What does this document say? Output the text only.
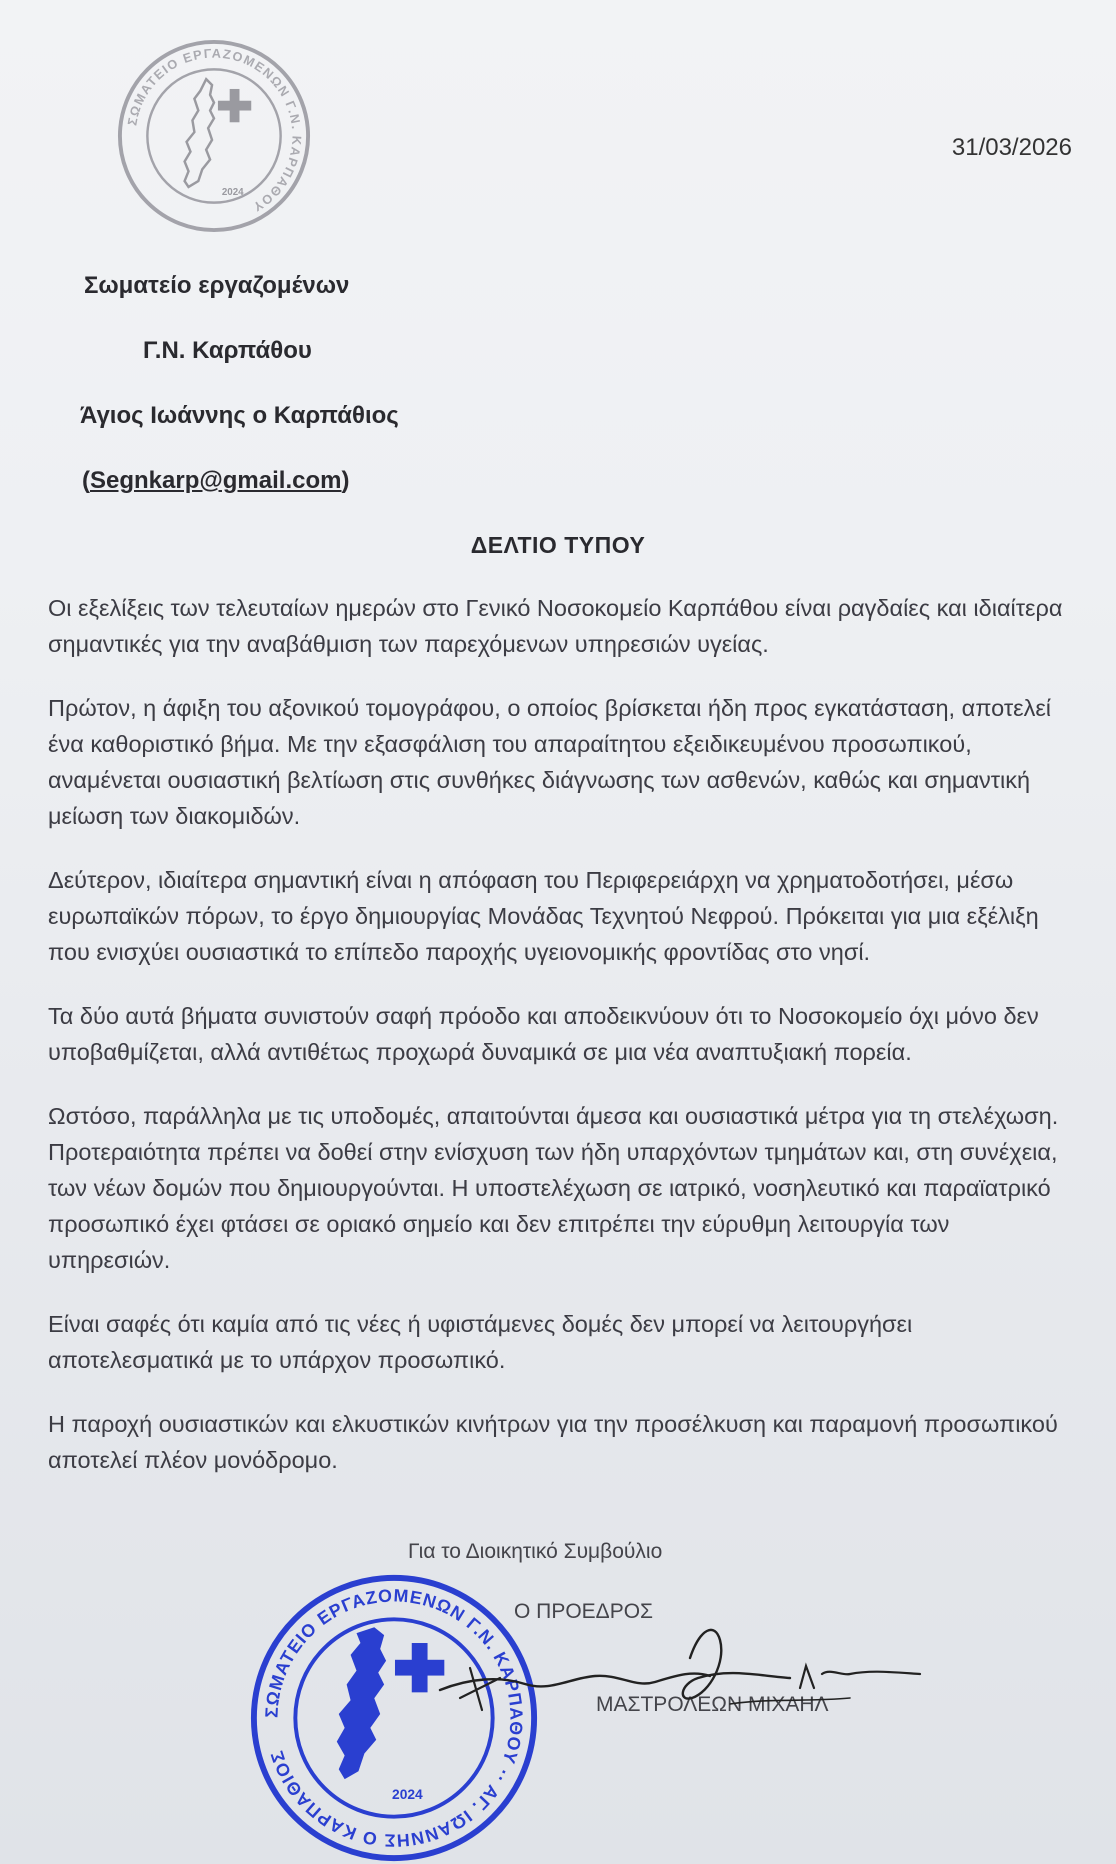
ΣΩΜΑΤΕΙΟ ΕΡΓΑΖΟΜΕΝΩΝ Γ.Ν. ΚΑΡΠΑΘΟΥ
2024
31/03/2026
Σωματείο εργαζομένων
Γ.Ν. Καρπάθου
Άγιος Ιωάννης ο Καρπάθιος
(Segnkarp@gmail.com)
ΔΕΛΤΙΟ ΤΥΠΟΥ

Οι εξελίξεις των τελευταίων ημερών στο Γενικό Νοσοκομείο Καρπάθου είναι ραγδαίες και ιδιαίτερα σημαντικές για την αναβάθμιση των παρεχόμενων υπηρεσιών υγείας.

Πρώτον, η άφιξη του αξονικού τομογράφου, ο οποίος βρίσκεται ήδη προς εγκατάσταση, αποτελεί ένα καθοριστικό βήμα. Με την εξασφάλιση του απαραίτητου εξειδικευμένου προσωπικού, αναμένεται ουσιαστική βελτίωση στις συνθήκες διάγνωσης των ασθενών, καθώς και σημαντική μείωση των διακομιδών.

Δεύτερον, ιδιαίτερα σημαντική είναι η απόφαση του Περιφερειάρχη να χρηματοδοτήσει, μέσω ευρωπαϊκών πόρων, το έργο δημιουργίας Μονάδας Τεχνητού Νεφρού. Πρόκειται για μια εξέλιξη που ενισχύει ουσιαστικά το επίπεδο παροχής υγειονομικής φροντίδας στο νησί.

Τα δύο αυτά βήματα συνιστούν σαφή πρόοδο και αποδεικνύουν ότι το Νοσοκομείο όχι μόνο δεν υποβαθμίζεται, αλλά αντιθέτως προχωρά δυναμικά σε μια νέα αναπτυξιακή πορεία.

Ωστόσο, παράλληλα με τις υποδομές, απαιτούνται άμεσα και ουσιαστικά μέτρα για τη στελέχωση. Προτεραιότητα πρέπει να δοθεί στην ενίσχυση των ήδη υπαρχόντων τμημάτων και, στη συνέχεια, των νέων δομών που δημιουργούνται. Η υποστελέχωση σε ιατρικό, νοσηλευτικό και παραϊατρικό προσωπικό έχει φτάσει σε οριακό σημείο και δεν επιτρέπει την εύρυθμη λειτουργία των υπηρεσιών.

Είναι σαφές ότι καμία από τις νέες ή υφιστάμενες δομές δεν μπορεί να λειτουργήσει αποτελεσματικά με το υπάρχον προσωπικό.

Η παροχή ουσιαστικών και ελκυστικών κινήτρων για την προσέλκυση και παραμονή προσωπικού αποτελεί πλέον μονόδρομο.

Για το Διοικητικό Συμβούλιο
Ο ΠΡΟΕΔΡΟΣ
ΜΑΣΤΡΟΛΕΩΝ ΜΙΧΑΗΛ
ΣΩΜΑΤΕΙΟ ΕΡΓΑΖΟΜΕΝΩΝ Γ.Ν. ΚΑΡΠΑΘΟΥ ·· ΑΓ. ΙΩΑΝΝΗΣ Ο ΚΑΡΠΑΘΙΟΣ
2024
